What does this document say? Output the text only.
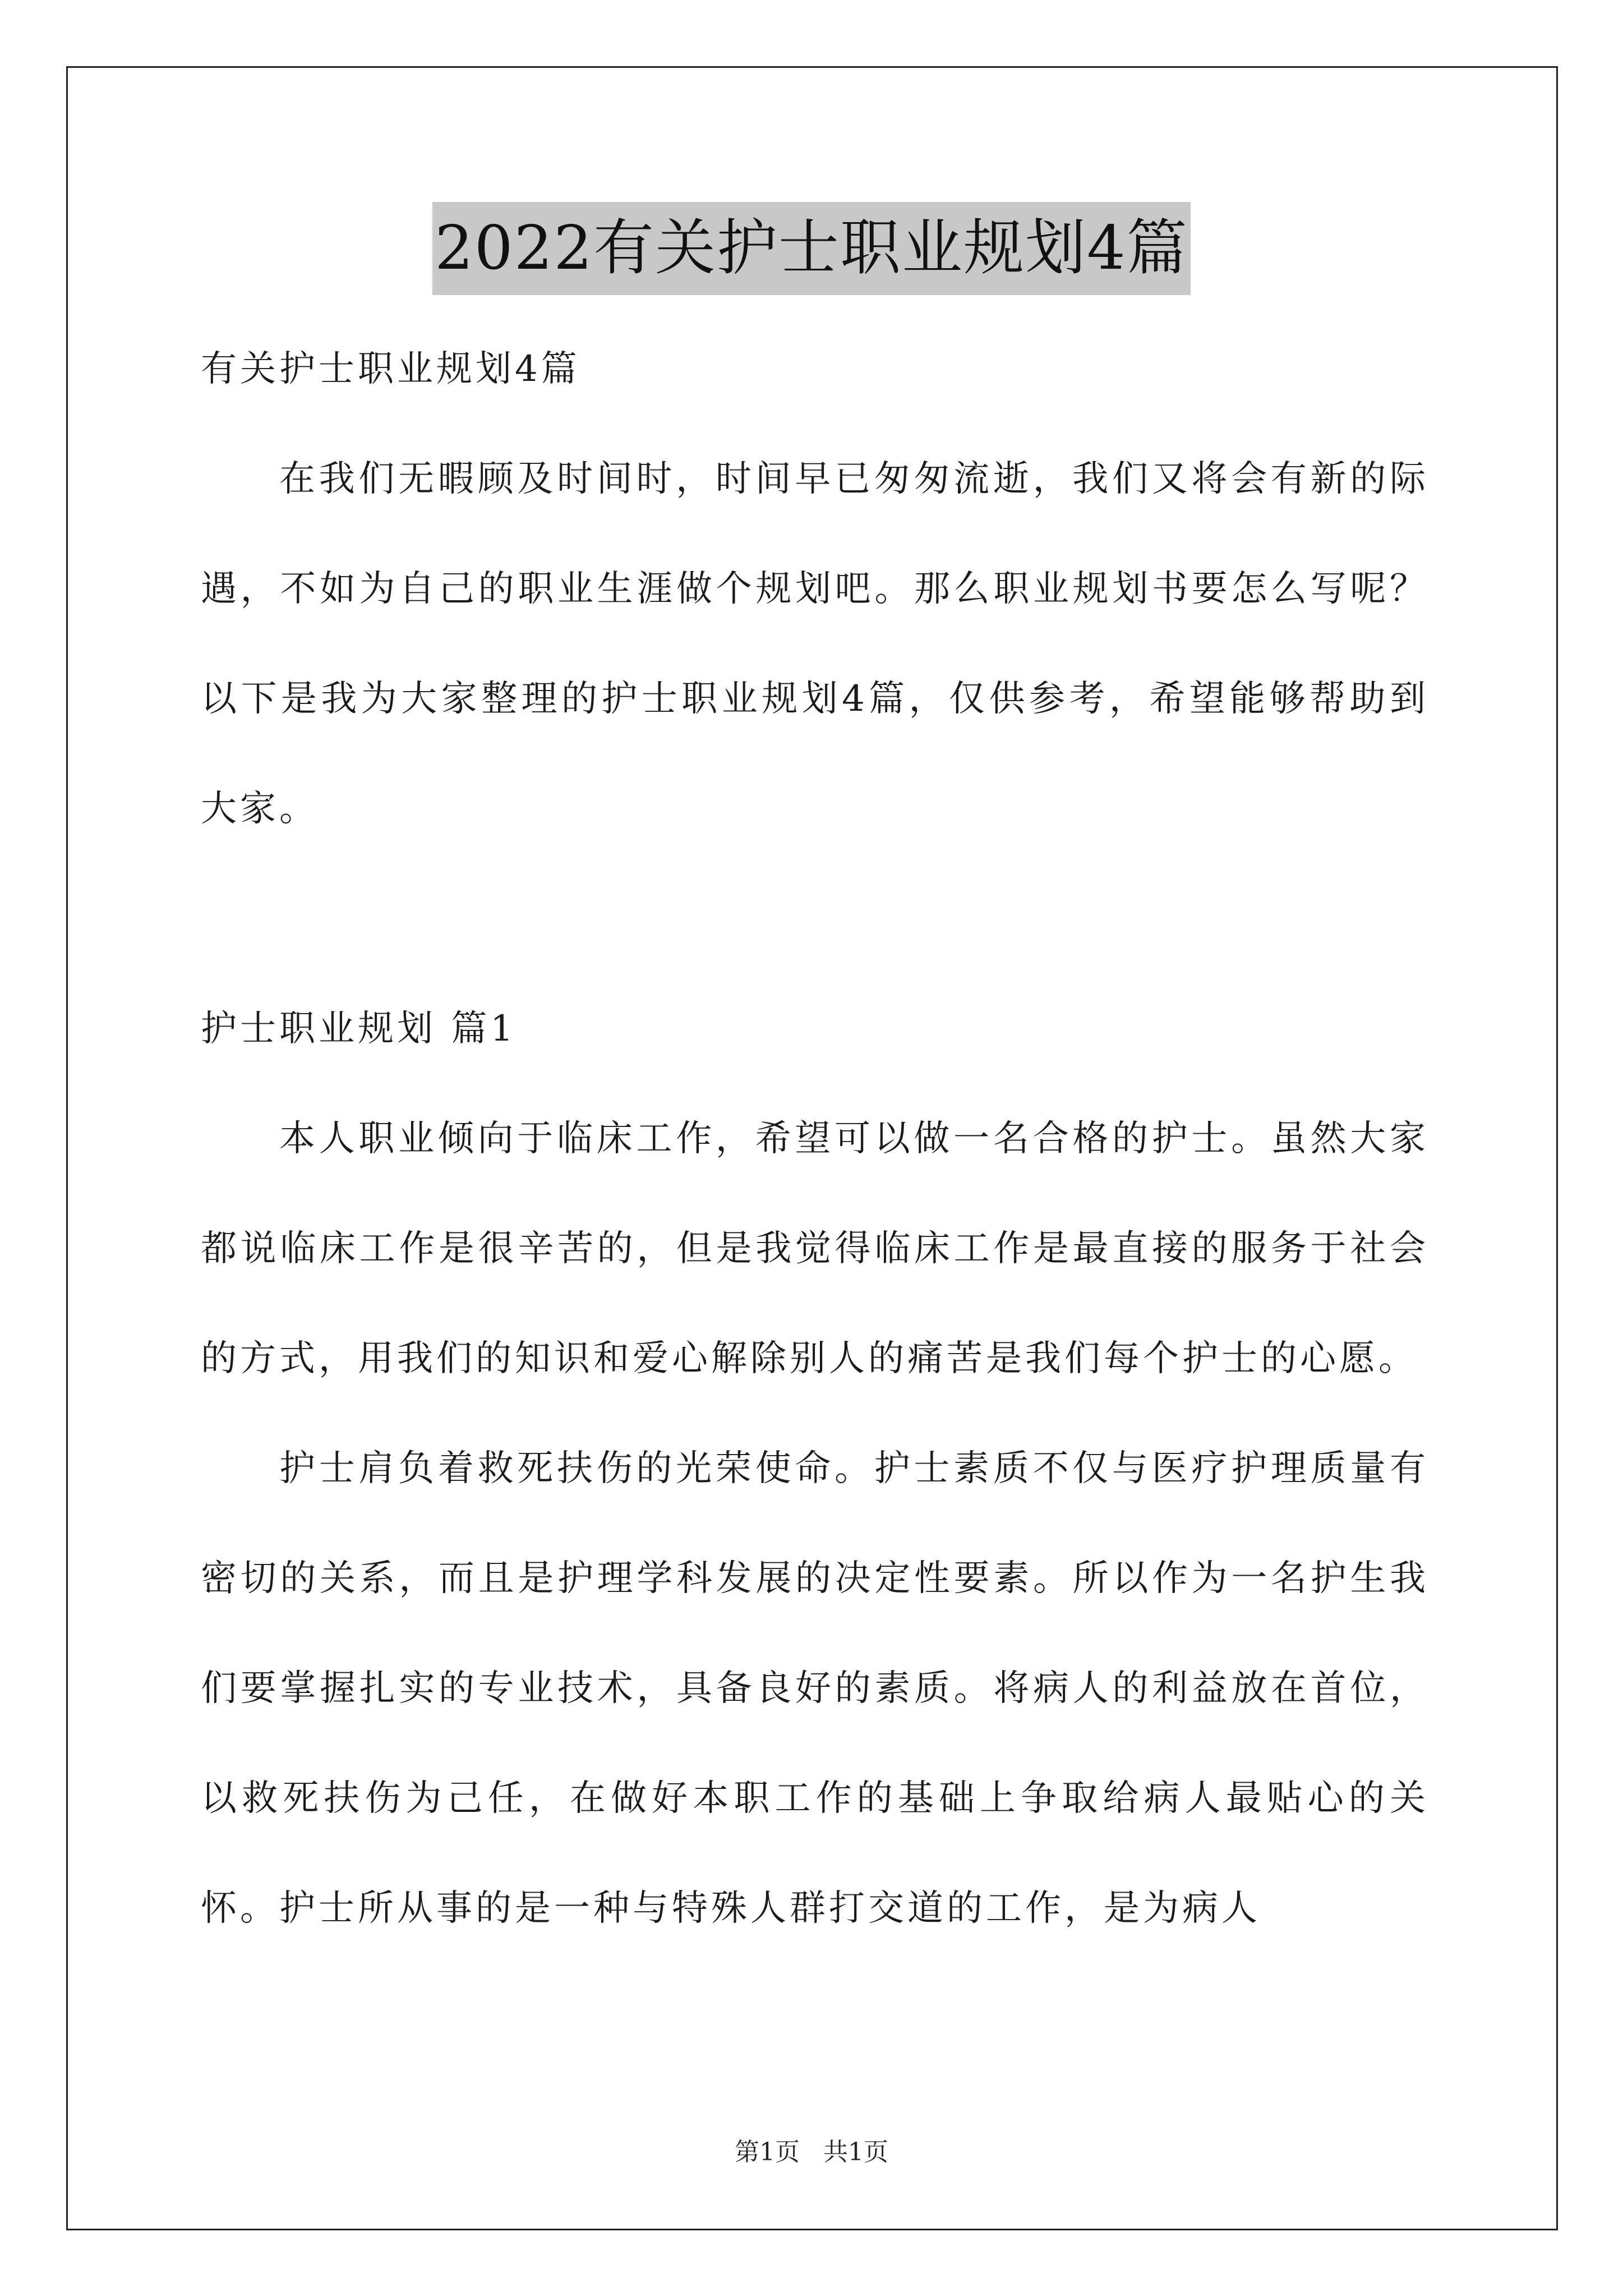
2022有关护士职业规划4篇

有关护士职业规划4篇

在我们无暇顾及时间时，时间早已匆匆流逝，我们又将会有新的际遇，不如为自己的职业生涯做个规划吧。那么职业规划书要怎么写呢？以下是我为大家整理的护士职业规划4篇，仅供参考，希望能够帮助到大家。

护士职业规划 篇1

本人职业倾向于临床工作，希望可以做一名合格的护士。虽然大家都说临床工作是很辛苦的，但是我觉得临床工作是最直接的服务于社会的方式，用我们的知识和爱心解除别人的痛苦是我们每个护士的心愿。

护士肩负着救死扶伤的光荣使命。护士素质不仅与医疗护理质量有密切的关系，而且是护理学科发展的决定性要素。所以作为一名护生我们要掌握扎实的专业技术，具备良好的素质。将病人的利益放在首位，以救死扶伤为己任，在做好本职工作的基础上争取给病人最贴心的关怀。护士所从事的是一种与特殊人群打交道的工作，是为病人

第1页 共1页
